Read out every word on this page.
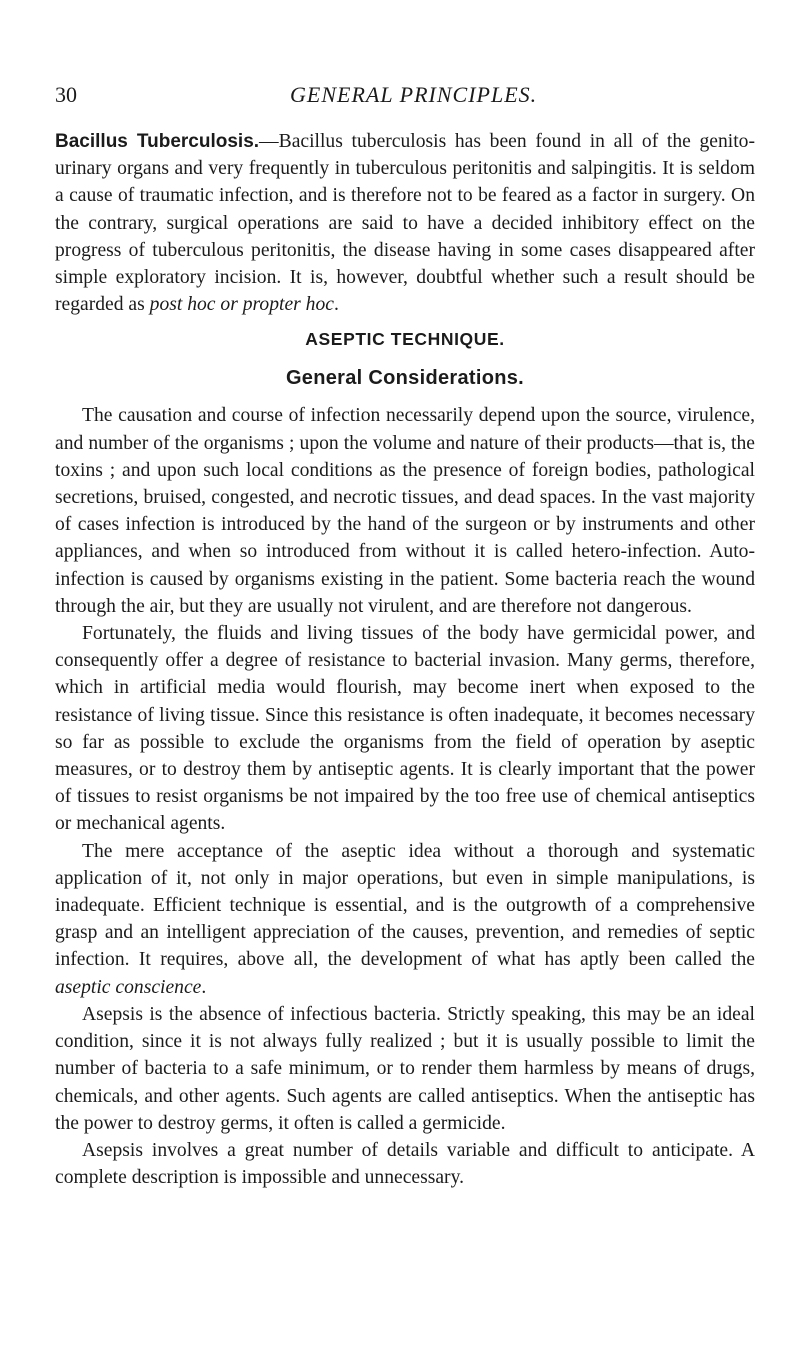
30	GENERAL PRINCIPLES.

Bacillus Tuberculosis.—Bacillus tuberculosis has been found in all of the genito-urinary organs and very frequently in tuberculous peritonitis and salpingitis. It is seldom a cause of traumatic infection, and is therefore not to be feared as a factor in surgery. On the contrary, surgical operations are said to have a decided inhibitory effect on the progress of tuberculous peritonitis, the disease having in some cases disappeared after simple exploratory incision. It is, however, doubtful whether such a result should be regarded as post hoc or propter hoc.

ASEPTIC TECHNIQUE.
General Considerations.

The causation and course of infection necessarily depend upon the source, virulence, and number of the organisms ; upon the volume and nature of their products—that is, the toxins ; and upon such local conditions as the presence of foreign bodies, pathological secretions, bruised, congested, and necrotic tissues, and dead spaces. In the vast majority of cases infection is introduced by the hand of the surgeon or by instruments and other appliances, and when so introduced from without it is called hetero-infection. Auto-infection is caused by organisms existing in the patient. Some bacteria reach the wound through the air, but they are usually not virulent, and are therefore not dangerous.

Fortunately, the fluids and living tissues of the body have germicidal power, and consequently offer a degree of resistance to bacterial invasion. Many germs, therefore, which in artificial media would flourish, may become inert when exposed to the resistance of living tissue. Since this resistance is often inadequate, it becomes necessary so far as possible to exclude the organisms from the field of operation by aseptic measures, or to destroy them by antiseptic agents. It is clearly important that the power of tissues to resist organisms be not impaired by the too free use of chemical antiseptics or mechanical agents.

The mere acceptance of the aseptic idea without a thorough and systematic application of it, not only in major operations, but even in simple manipulations, is inadequate. Efficient technique is essential, and is the outgrowth of a comprehensive grasp and an intelligent appreciation of the causes, prevention, and remedies of septic infection. It requires, above all, the development of what has aptly been called the aseptic conscience.

Asepsis is the absence of infectious bacteria. Strictly speaking, this may be an ideal condition, since it is not always fully realized ; but it is usually possible to limit the number of bacteria to a safe minimum, or to render them harmless by means of drugs, chemicals, and other agents. Such agents are called antiseptics. When the antiseptic has the power to destroy germs, it often is called a germicide.

Asepsis involves a great number of details variable and difficult to anticipate. A complete description is impossible and unnecessary.
